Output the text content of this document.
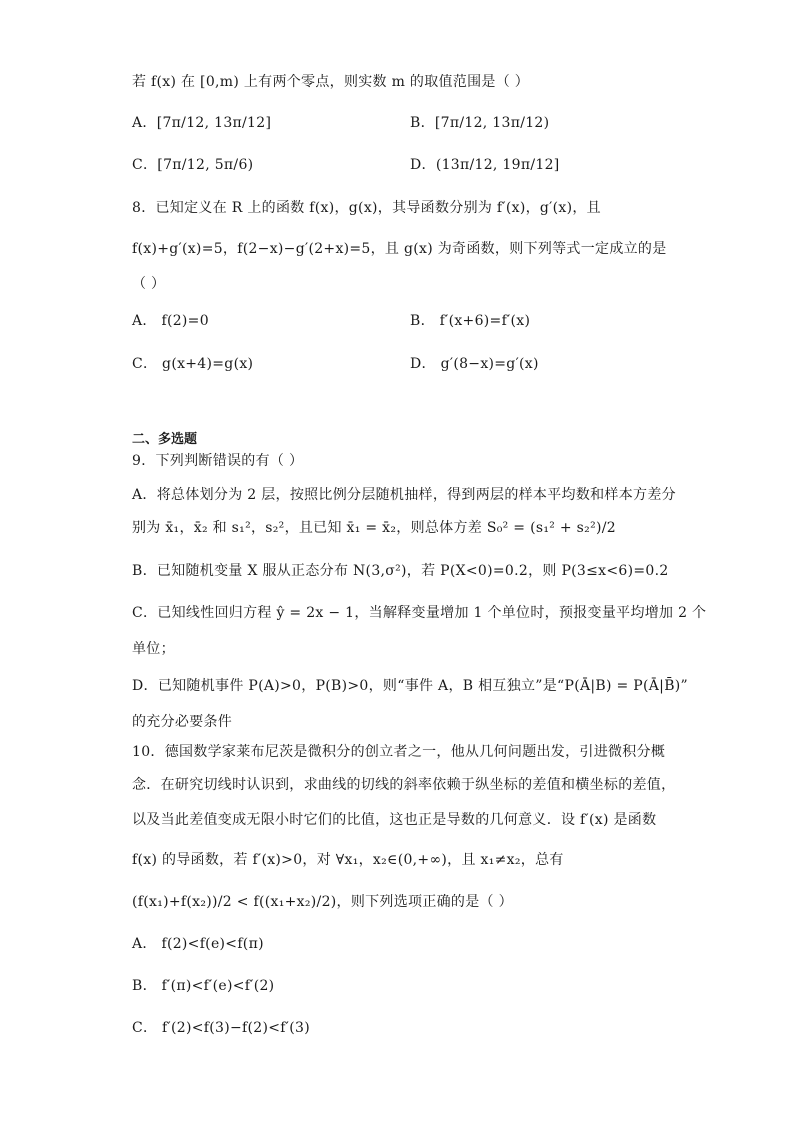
若 f(x) 在 [0,m) 上有两个零点，则实数 m 的取值范围是（ ）
A．[7π/12, 13π/12]	B．[7π/12, 13π/12)
C．[7π/12, 5π/6)	D．(13π/12, 19π/12]
8．已知定义在 R 上的函数 f(x)，g(x)，其导函数分别为 f′(x)，g′(x)，且
f(x)+g′(x)=5，f(2−x)−g′(2+x)=5，且 g(x) 为奇函数，则下列等式一定成立的是
（ ）
A． f(2)=0	B． f′(x+6)=f′(x)
C． g(x+4)=g(x)	D． g′(8−x)=g′(x)
二、多选题
9．下列判断错误的有（ ）
A．将总体划分为 2 层，按照比例分层随机抽样，得到两层的样本平均数和样本方差分
别为 x̄₁，x̄₂ 和 s₁²，s₂²，且已知 x̄₁ = x̄₂，则总体方差 S₀² = (s₁² + s₂²)/2
B．已知随机变量 X 服从正态分布 N(3,σ²)，若 P(X<0)=0.2，则 P(3≤x<6)=0.2
C．已知线性回归方程 ŷ = 2x − 1，当解释变量增加 1 个单位时，预报变量平均增加 2 个
单位；
D．已知随机事件 P(A)>0，P(B)>0，则“事件 A，B 相互独立”是“P(Ā|B) = P(Ā|B̄)”
的充分必要条件
10．德国数学家莱布尼茨是微积分的创立者之一，他从几何问题出发，引进微积分概
念．在研究切线时认识到，求曲线的切线的斜率依赖于纵坐标的差值和横坐标的差值，
以及当此差值变成无限小时它们的比值，这也正是导数的几何意义．设 f′(x) 是函数
f(x) 的导函数，若 f′(x)>0，对 ∀x₁，x₂∈(0,+∞)，且 x₁≠x₂，总有
(f(x₁)+f(x₂))/2 < f((x₁+x₂)/2)，则下列选项正确的是（ ）
A． f(2)<f(e)<f(π)
B． f′(π)<f′(e)<f′(2)
C． f′(2)<f(3)−f(2)<f′(3)
